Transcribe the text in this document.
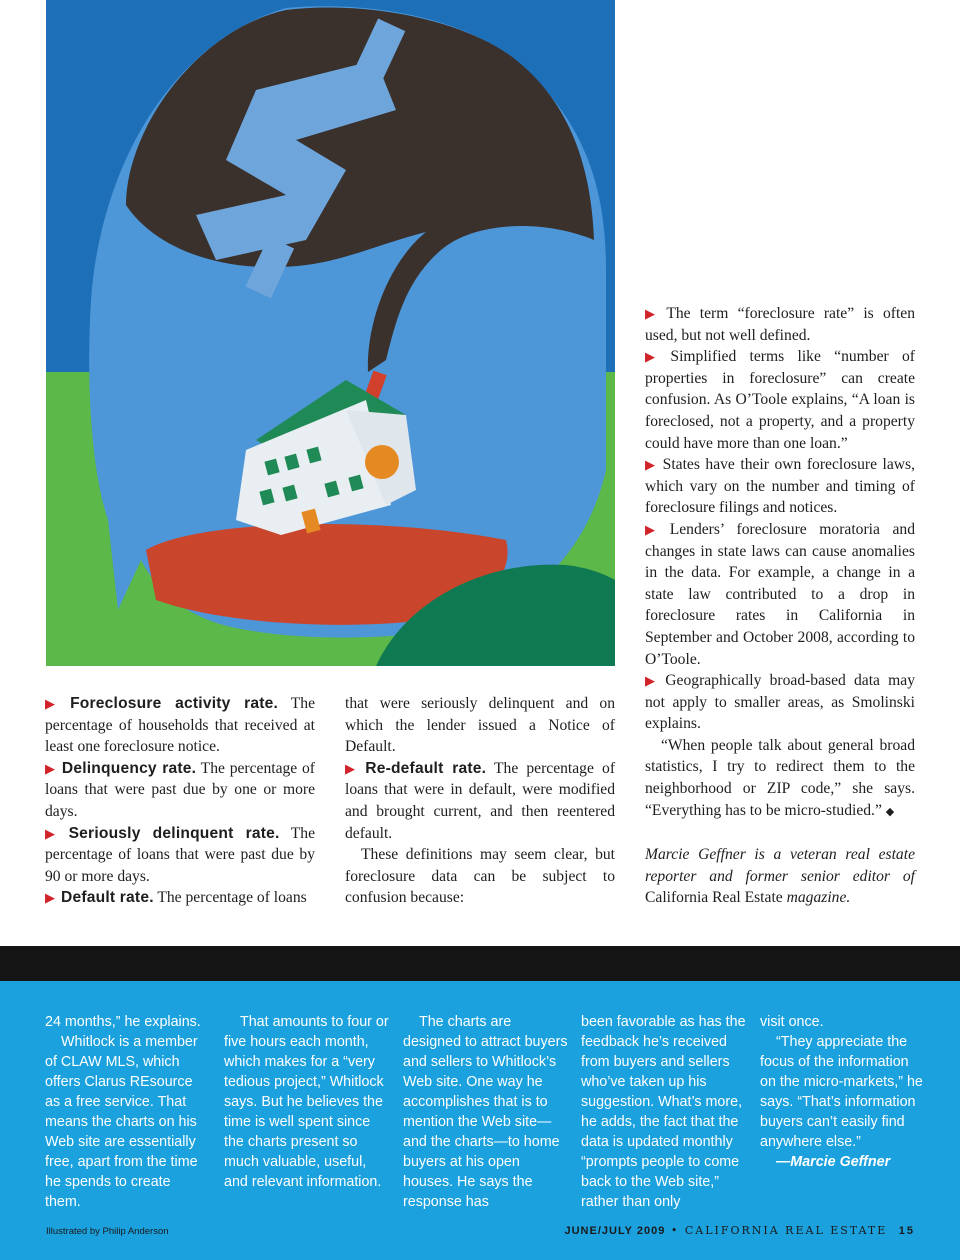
▶ Foreclosure activity rate. The percentage of households that received at least one foreclosure notice.

▶ Delinquency rate. The percentage of loans that were past due by one or more days.

▶ Seriously delinquent rate. The percentage of loans that were past due by 90 or more days.

▶ Default rate. The percentage of loans

that were seriously delinquent and on which the lender issued a Notice of Default.

▶ Re-default rate. The percentage of loans that were in default, were modified and brought current, and then reentered default.

These definitions may seem clear, but foreclosure data can be subject to confusion because:

▶ The term “foreclosure rate” is often used, but not well defined.

▶ Simplified terms like “number of properties in foreclosure” can create confusion. As O’Toole explains, “A loan is foreclosed, not a property, and a property could have more than one loan.”

▶ States have their own foreclosure laws, which vary on the number and timing of foreclosure filings and notices.

▶ Lenders’ foreclosure moratoria and changes in state laws can cause anomalies in the data. For example, a change in a state law contributed to a drop in foreclosure rates in California in September and October 2008, according to O’Toole.

▶ Geographically broad-based data may not apply to smaller areas, as Smolinski explains.

“When people talk about general broad statistics, I try to redirect them to the neighborhood or ZIP code,” she says. “Everything has to be micro-studied.” ◆

Marcie Geffner is a veteran real estate reporter and former senior editor of California Real Estate magazine.

24 months,” he explains.

Whitlock is a member of CLAW MLS, which offers Clarus REsource as a free service. That means the charts on his Web site are essentially free, apart from the time he spends to create them.

That amounts to four or five hours each month, which makes for a “very tedious project,” Whitlock says. But he believes the time is well spent since the charts present so much valuable, useful, and relevant information.

The charts are designed to attract buyers and sellers to Whitlock’s Web site. One way he accomplishes that is to mention the Web site—and the charts—to home buyers at his open houses. He says the response has

been favorable as has the feedback he’s received from buyers and sellers who’ve taken up his suggestion. What’s more, he adds, the fact that the data is updated monthly “prompts people to come back to the Web site,” rather than only

visit once.

“They appreciate the focus of the information on the micro-markets,” he says. “That’s information buyers can’t easily find anywhere else.”

—Marcie Geffner

Illustrated by Philip Anderson	JUNE/JULY 2009 • CALIFORNIA REAL ESTATE 15
